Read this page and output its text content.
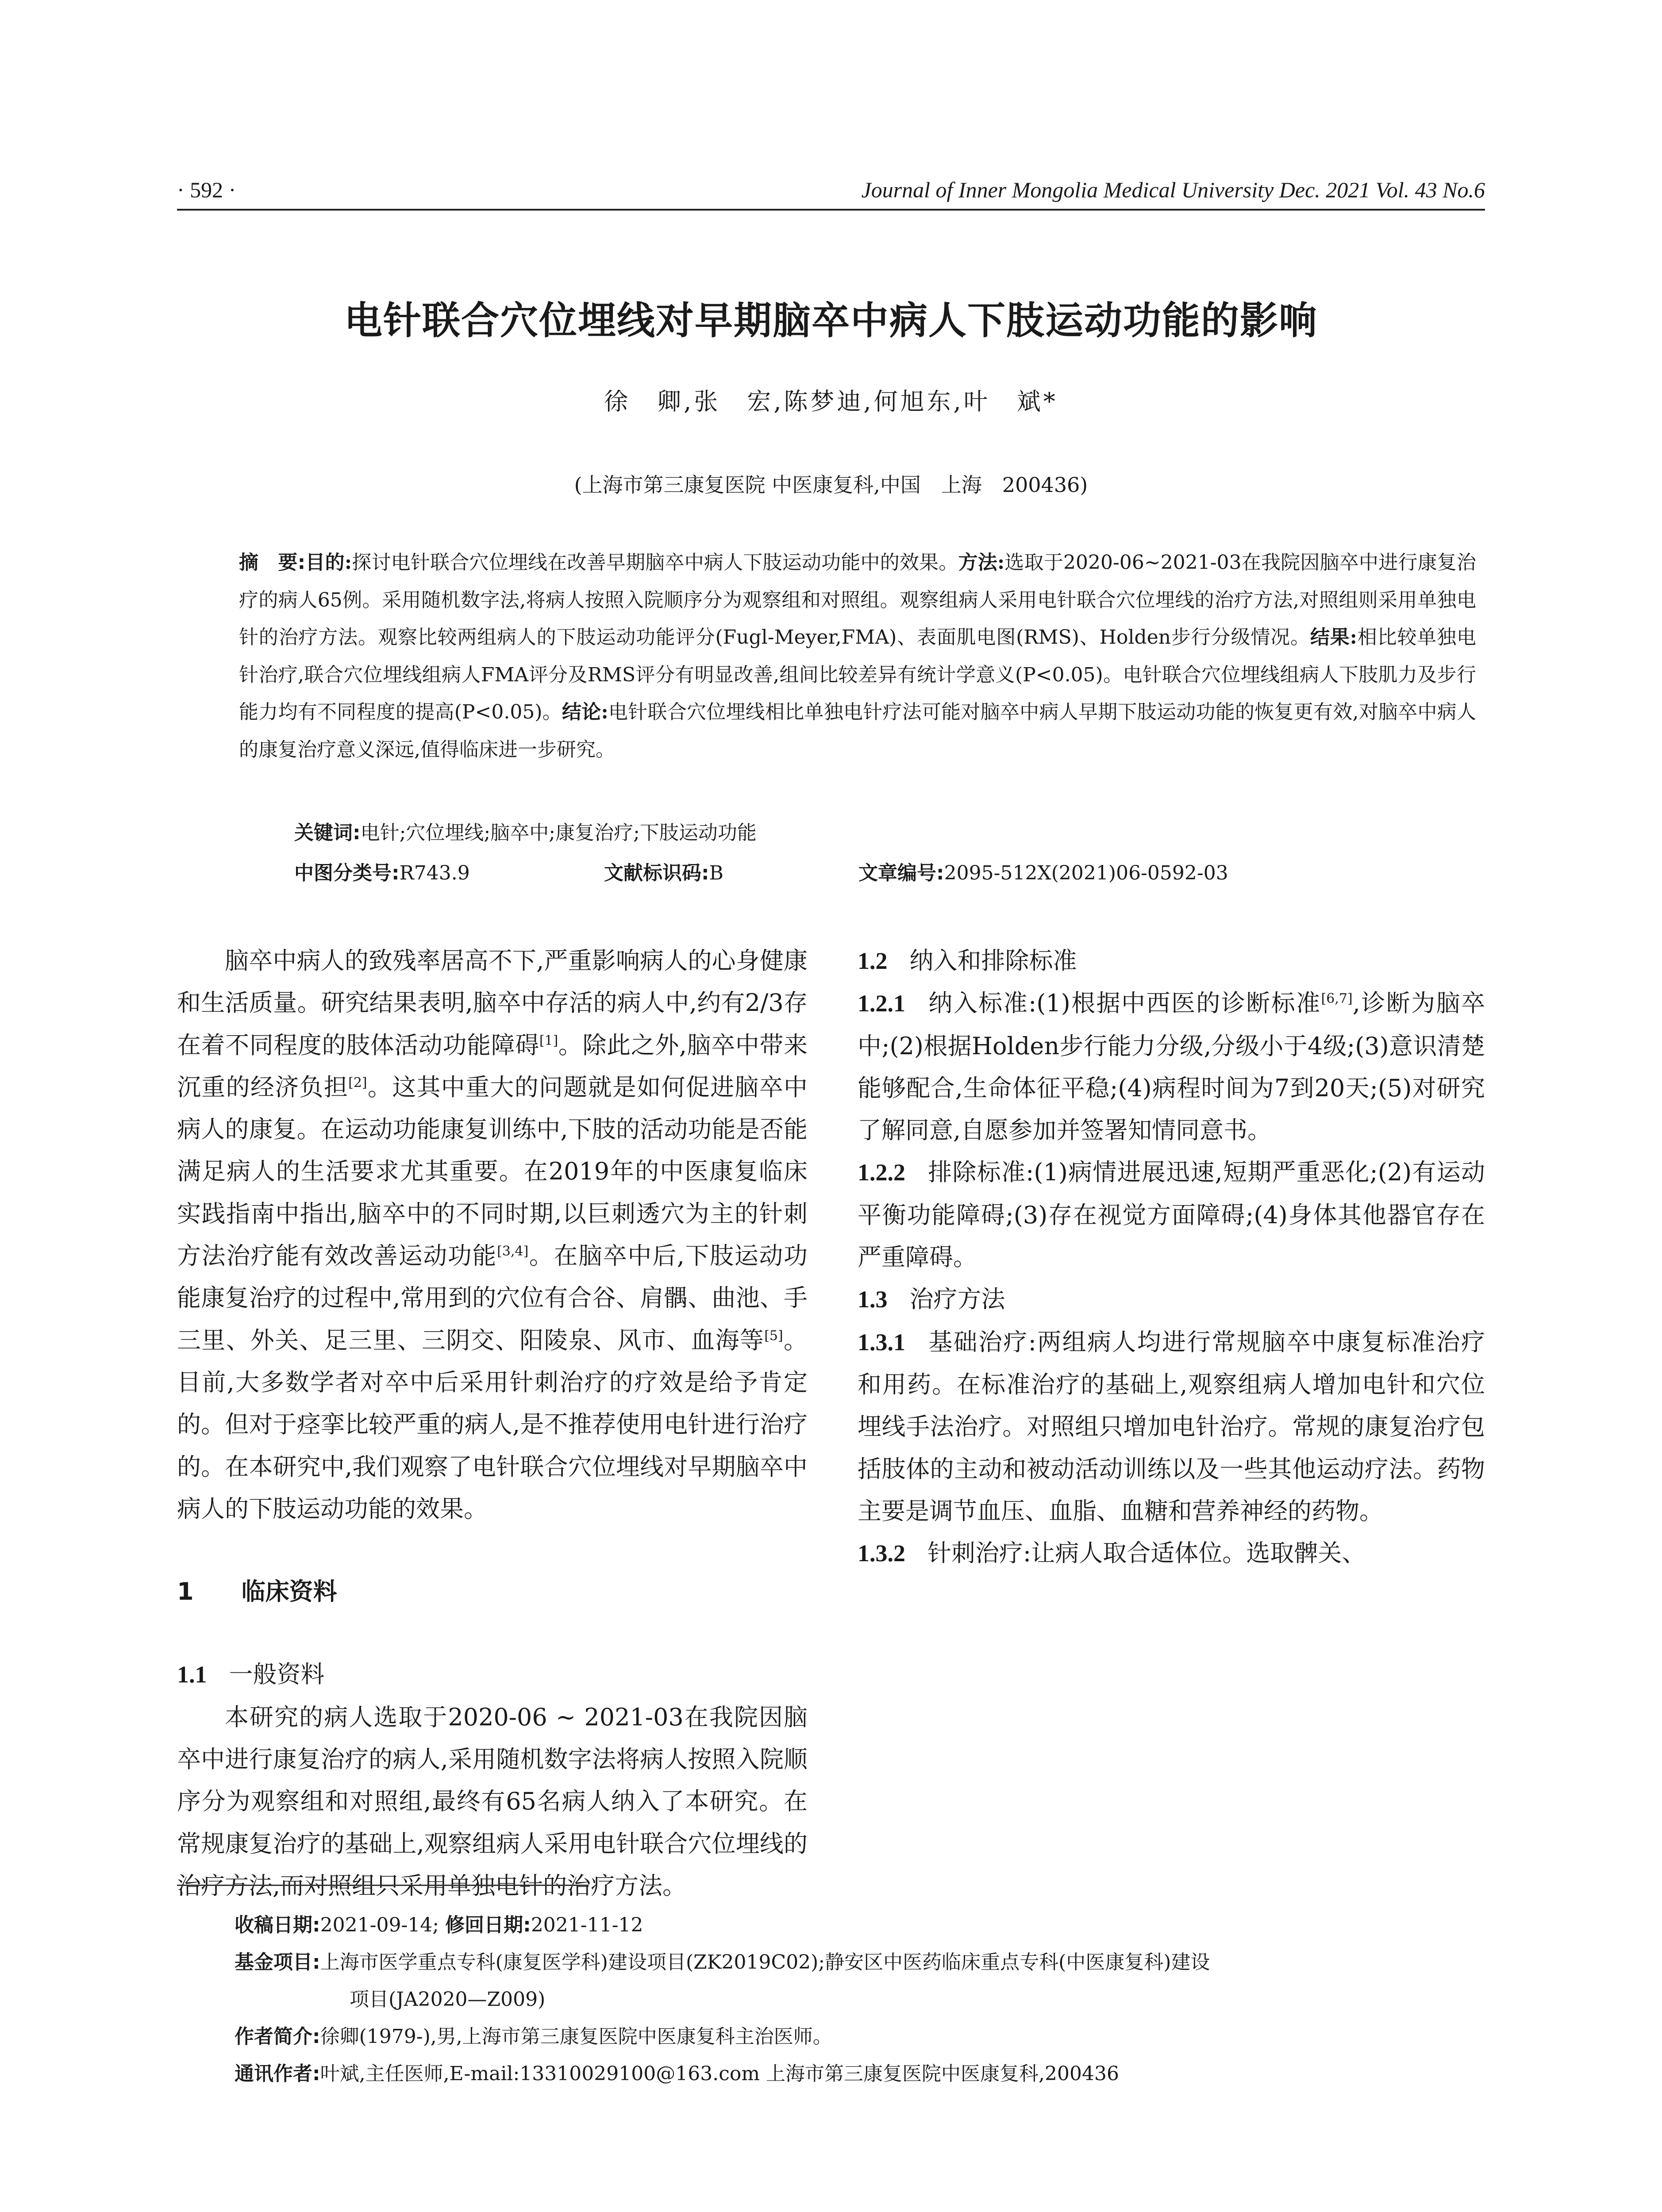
· 592 ·	Journal of Inner Mongolia Medical University Dec. 2021 Vol. 43 No.6
电针联合穴位埋线对早期脑卒中病人下肢运动功能的影响
徐　卿,张　宏,陈梦迪,何旭东,叶　斌*
(上海市第三康复医院 中医康复科,中国　上海　200436)
摘　要:目的:探讨电针联合穴位埋线在改善早期脑卒中病人下肢运动功能中的效果。方法:选取于2020-06~2021-03在我院因脑卒中进行康复治疗的病人65例。采用随机数字法,将病人按照入院顺序分为观察组和对照组。观察组病人采用电针联合穴位埋线的治疗方法,对照组则采用单独电针的治疗方法。观察比较两组病人的下肢运动功能评分(Fugl-Meyer,FMA)、表面肌电图(RMS)、Holden步行分级情况。结果:相比较单独电针治疗,联合穴位埋线组病人FMA评分及RMS评分有明显改善,组间比较差异有统计学意义(P<0.05)。电针联合穴位埋线组病人下肢肌力及步行能力均有不同程度的提高(P<0.05)。结论:电针联合穴位埋线相比单独电针疗法可能对脑卒中病人早期下肢运动功能的恢复更有效,对脑卒中病人的康复治疗意义深远,值得临床进一步研究。
关键词:电针;穴位埋线;脑卒中;康复治疗;下肢运动功能
中图分类号:R743.9	文献标识码:B	文章编号:2095-512X(2021)06-0592-03

脑卒中病人的致残率居高不下,严重影响病人的心身健康和生活质量。研究结果表明,脑卒中存活的病人中,约有2/3存在着不同程度的肢体活动功能障碍[1]。除此之外,脑卒中带来沉重的经济负担[2]。这其中重大的问题就是如何促进脑卒中病人的康复。在运动功能康复训练中,下肢的活动功能是否能满足病人的生活要求尤其重要。在2019年的中医康复临床实践指南中指出,脑卒中的不同时期,以巨刺透穴为主的针刺方法治疗能有效改善运动功能[3,4]。在脑卒中后,下肢运动功能康复治疗的过程中,常用到的穴位有合谷、肩髃、曲池、手三里、外关、足三里、三阴交、阳陵泉、风市、血海等[5]。目前,大多数学者对卒中后采用针刺治疗的疗效是给予肯定的。但对于痉挛比较严重的病人,是不推荐使用电针进行治疗的。在本研究中,我们观察了电针联合穴位埋线对早期脑卒中病人的下肢运动功能的效果。

1　　 临床资料

1.1 一般资料

本研究的病人选取于2020-06 ~ 2021-03在我院因脑卒中进行康复治疗的病人,采用随机数字法将病人按照入院顺序分为观察组和对照组,最终有65名病人纳入了本研究。在常规康复治疗的基础上,观察组病人采用电针联合穴位埋线的治疗方法,而对照组只采用单独电针的治疗方法。

1.2 纳入和排除标准

1.2.1 纳入标准:(1)根据中西医的诊断标准[6,7],诊断为脑卒中;(2)根据Holden步行能力分级,分级小于4级;(3)意识清楚能够配合,生命体征平稳;(4)病程时间为7到20天;(5)对研究了解同意,自愿参加并签署知情同意书。

1.2.2 排除标准:(1)病情进展迅速,短期严重恶化;(2)有运动平衡功能障碍;(3)存在视觉方面障碍;(4)身体其他器官存在严重障碍。

1.3 治疗方法

1.3.1 基础治疗:两组病人均进行常规脑卒中康复标准治疗和用药。在标准治疗的基础上,观察组病人增加电针和穴位埋线手法治疗。对照组只增加电针治疗。常规的康复治疗包括肢体的主动和被动活动训练以及一些其他运动疗法。药物主要是调节血压、血脂、血糖和营养神经的药物。

1.3.2 针刺治疗:让病人取合适体位。选取髀关、

收稿日期:2021-09-14; 修回日期:2021-11-12

基金项目:上海市医学重点专科(康复医学科)建设项目(ZK2019C02);静安区中医药临床重点专科(中医康复科)建设

项目(JA2020—Z009)

作者简介:徐卿(1979-),男,上海市第三康复医院中医康复科主治医师。

通讯作者:叶斌,主任医师,E-mail:13310029100@163.com 上海市第三康复医院中医康复科,200436
